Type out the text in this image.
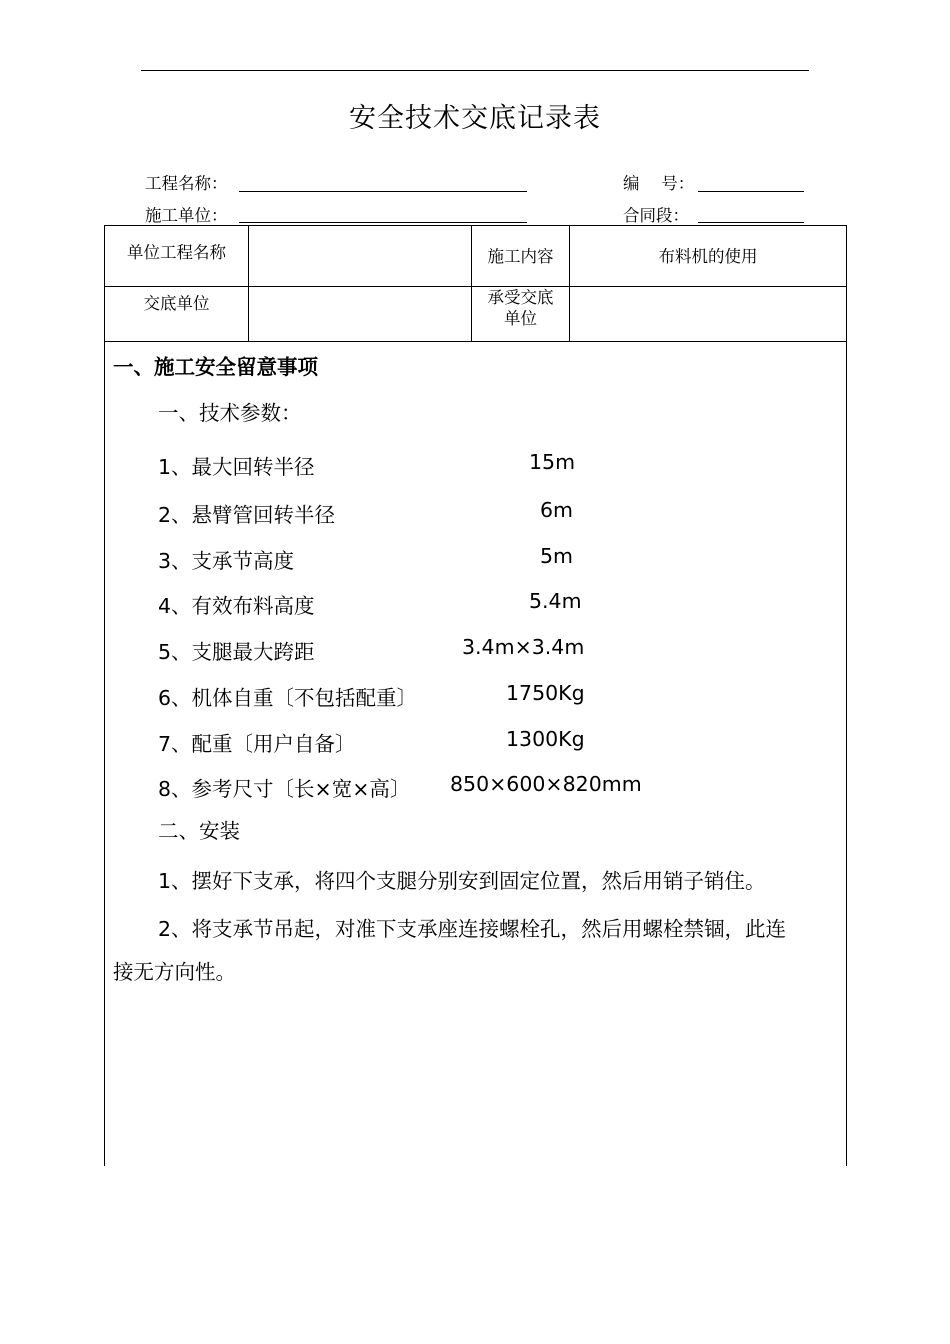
安全技术交底记录表
工程名称：	编　 号：
施工单位：	合同段：
单位工程名称		施工内容	布料机的使用
交底单位		承受交底
单位	

一、施工安全留意事项
一、技术参数：
1、最大回转半径	15m
2、悬臂管回转半径	6m
3、支承节高度	5m
4、有效布料高度	5.4m
5、支腿最大跨距	3.4m×3.4m
6、机体自重〔不包括配重〕	1750Kg
7、配重〔用户自备〕	1300Kg
8、参考尺寸〔长×宽×高〕 850×600×820mm
二、安装
1、摆好下支承，将四个支腿分别安到固定位置，然后用销子销住。
2、将支承节吊起，对准下支承座连接螺栓孔，然后用螺栓禁锢，此连
接无方向性。
